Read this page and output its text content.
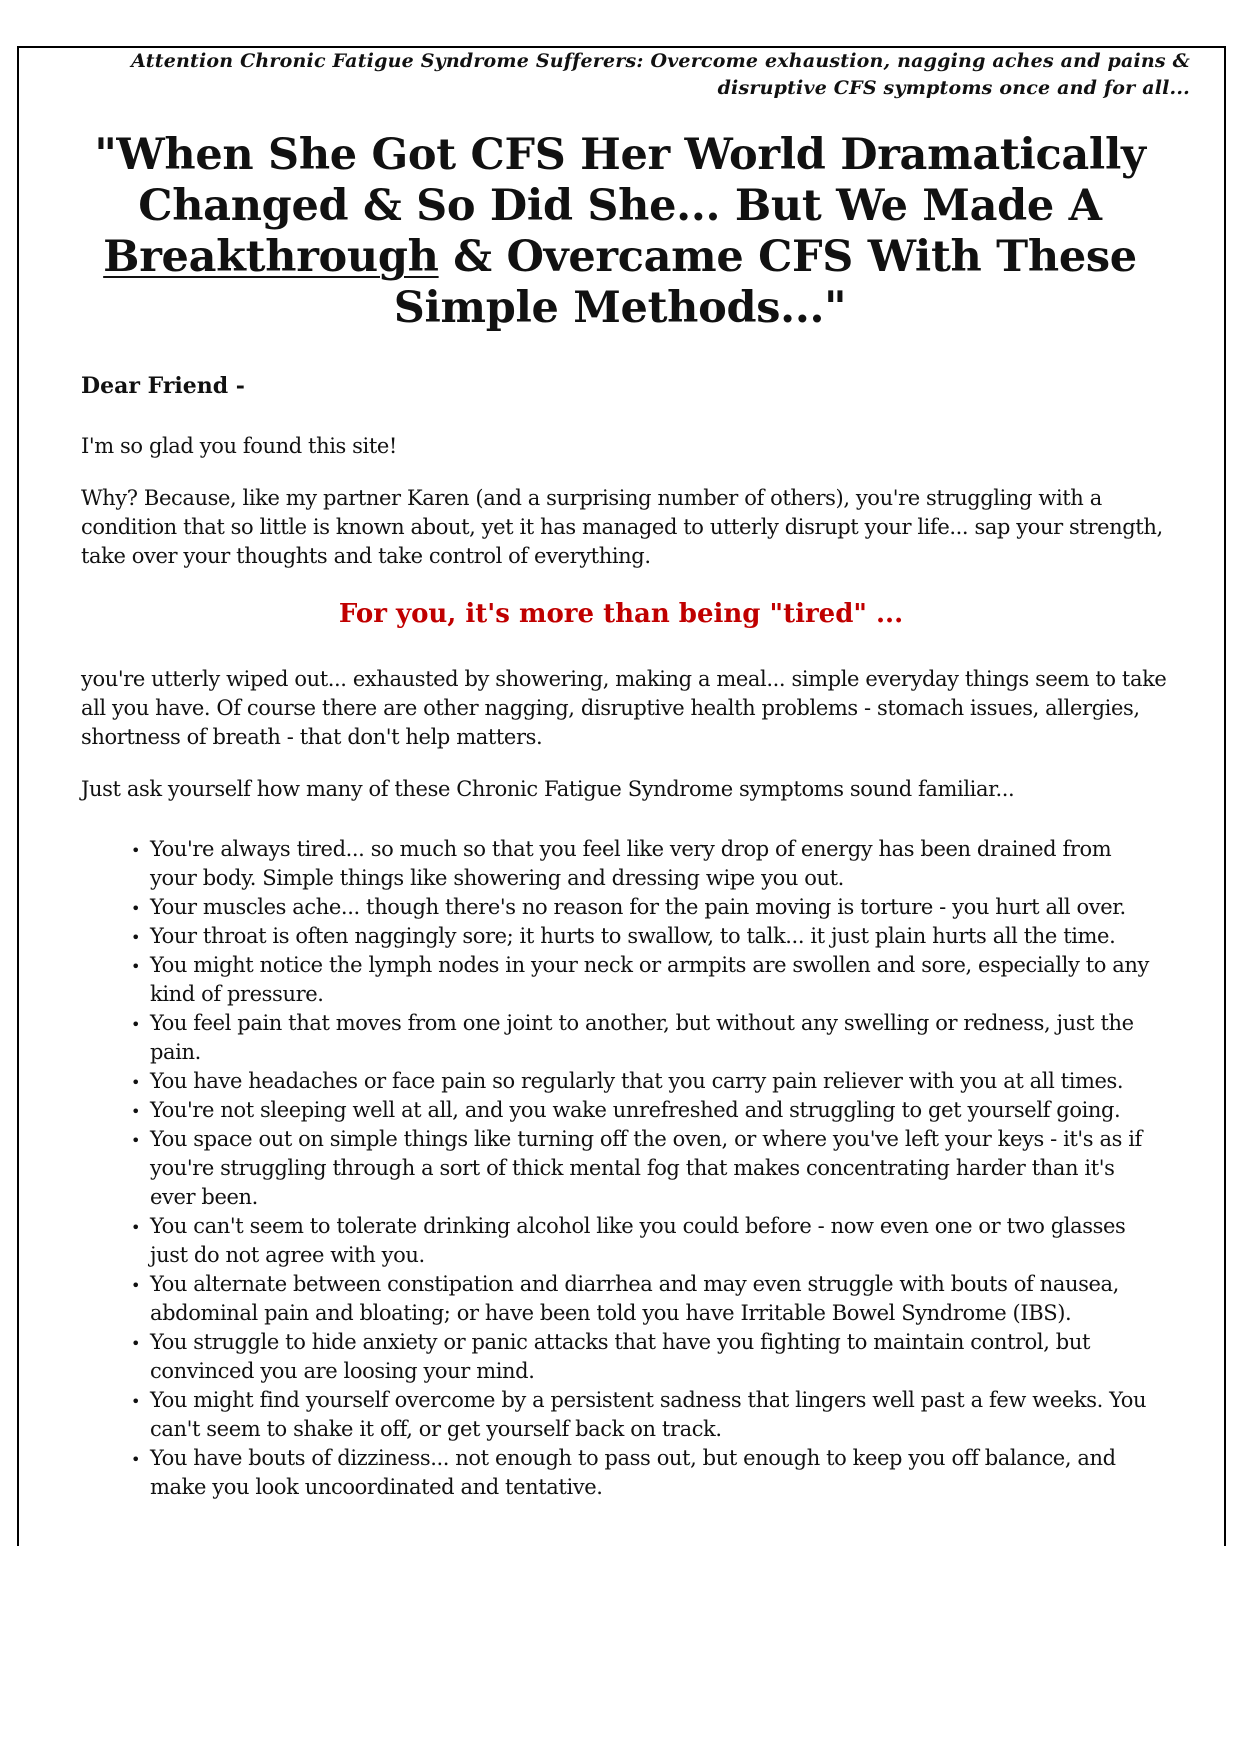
Attention Chronic Fatigue Syndrome Sufferers: Overcome exhaustion, nagging aches and pains & disruptive CFS symptoms once and for all...
"When She Got CFS Her World Dramatically Changed & So Did She... But We Made A Breakthrough & Overcame CFS With These Simple Methods..."
Dear Friend -

I'm so glad you found this site!

Why? Because, like my partner Karen (and a surprising number of others), you're struggling with a condition that so little is known about, yet it has managed to utterly disrupt your life... sap your strength, take over your thoughts and take control of everything.

For you, it's more than being "tired" ...

you're utterly wiped out... exhausted by showering, making a meal... simple everyday things seem to take all you have. Of course there are other nagging, disruptive health problems - stomach issues, allergies, shortness of breath - that don't help matters.

Just ask yourself how many of these Chronic Fatigue Syndrome symptoms sound familiar...

• You're always tired... so much so that you feel like very drop of energy has been drained from your body. Simple things like showering and dressing wipe you out.
• Your muscles ache... though there's no reason for the pain moving is torture - you hurt all over.
• Your throat is often naggingly sore; it hurts to swallow, to talk... it just plain hurts all the time.
• You might notice the lymph nodes in your neck or armpits are swollen and sore, especially to any kind of pressure.
• You feel pain that moves from one joint to another, but without any swelling or redness, just the pain.
• You have headaches or face pain so regularly that you carry pain reliever with you at all times.
• You're not sleeping well at all, and you wake unrefreshed and struggling to get yourself going.
• You space out on simple things like turning off the oven, or where you've left your keys - it's as if you're struggling through a sort of thick mental fog that makes concentrating harder than it's ever been.
• You can't seem to tolerate drinking alcohol like you could before - now even one or two glasses just do not agree with you.
• You alternate between constipation and diarrhea and may even struggle with bouts of nausea, abdominal pain and bloating; or have been told you have Irritable Bowel Syndrome (IBS).
• You struggle to hide anxiety or panic attacks that have you fighting to maintain control, but convinced you are loosing your mind.
• You might find yourself overcome by a persistent sadness that lingers well past a few weeks. You can't seem to shake it off, or get yourself back on track.
• You have bouts of dizziness... not enough to pass out, but enough to keep you off balance, and make you look uncoordinated and tentative.
